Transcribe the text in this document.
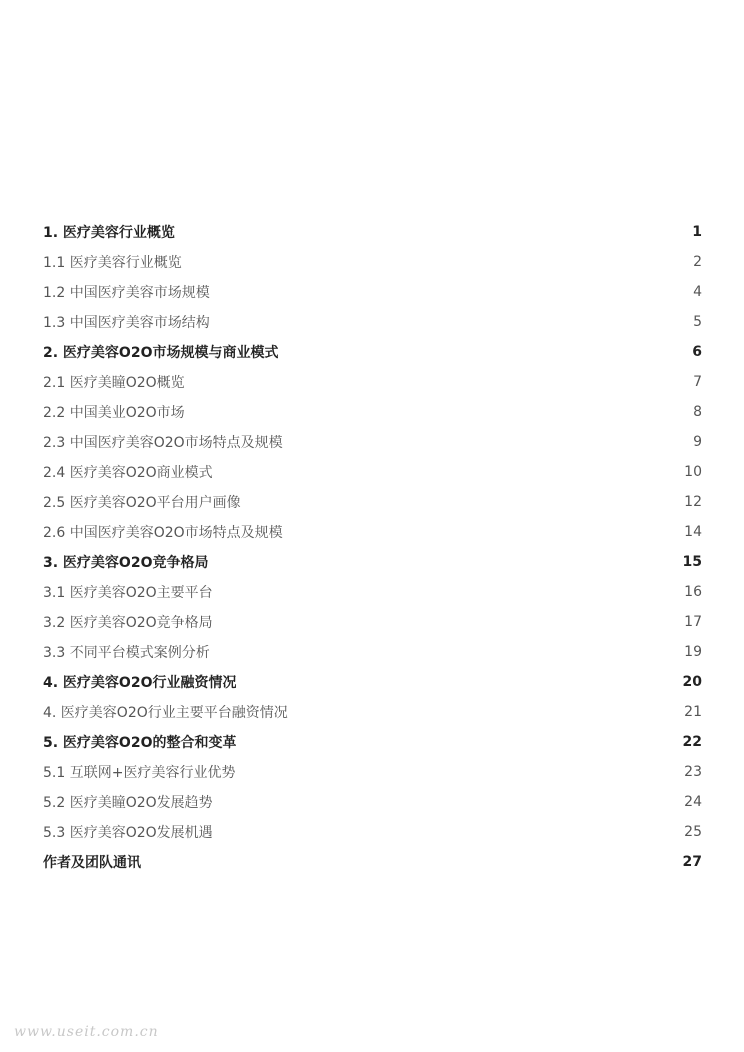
1. 医疗美容行业概览	1
1.1 医疗美容行业概览	2
1.2 中国医疗美容市场规模	4
1.3 中国医疗美容市场结构	5
2. 医疗美容O2O市场规模与商业模式	6
2.1 医疗美瞳O2O概览	7
2.2 中国美业O2O市场	8
2.3 中国医疗美容O2O市场特点及规模	9
2.4 医疗美容O2O商业模式	10
2.5 医疗美容O2O平台用户画像	12
2.6 中国医疗美容O2O市场特点及规模	14
3. 医疗美容O2O竞争格局	15
3.1 医疗美容O2O主要平台	16
3.2 医疗美容O2O竞争格局	17
3.3 不同平台模式案例分析	19
4. 医疗美容O2O行业融资情况	20
4. 医疗美容O2O行业主要平台融资情况	21
5. 医疗美容O2O的整合和变革	22
5.1 互联网+医疗美容行业优势	23
5.2 医疗美瞳O2O发展趋势	24
5.3 医疗美容O2O发展机遇	25
作者及团队通讯	27
www.useit.com.cn
